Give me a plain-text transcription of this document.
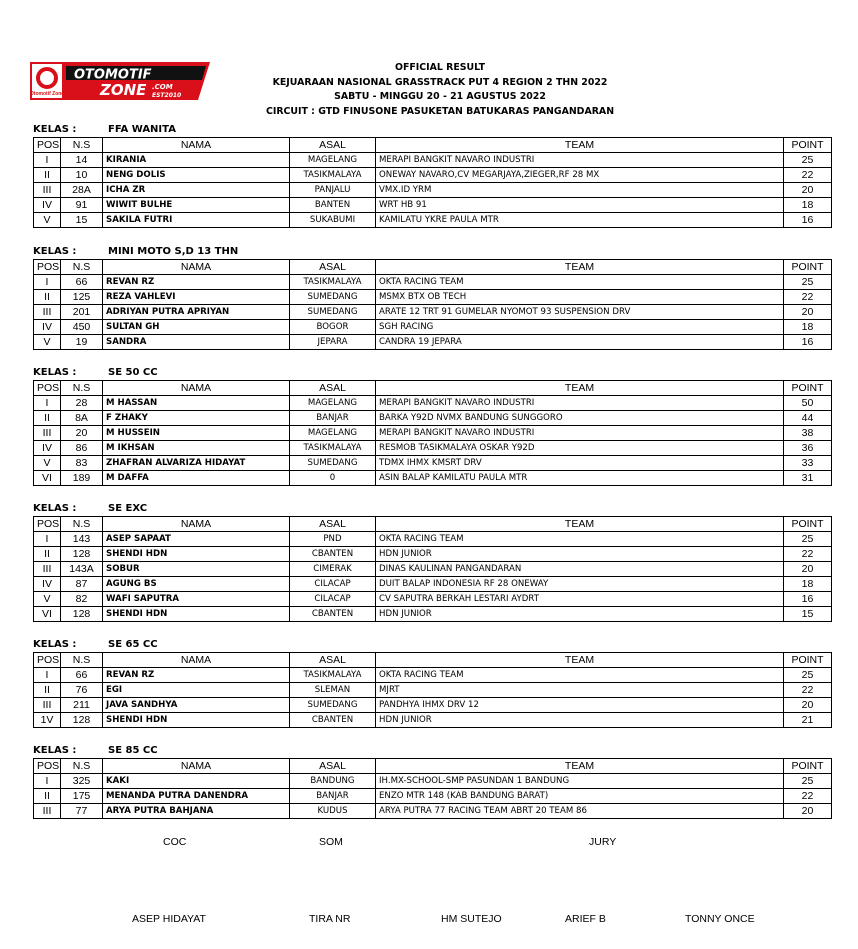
Otomotif Zone
OTOMOTIF
ZONE .COM
EST2010
OFFICIAL RESULT
KEJUARAAN NASIONAL GRASSTRACK PUT 4 REGION 2 THN 2022
SABTU - MINGGU 20 - 21 AGUSTUS 2022
CIRCUIT : GTD FINUSONE PASUKETAN BATUKARAS PANGANDARAN
KELAS :	FFA WANITA
POS	N.S	NAMA	ASAL	TEAM	POINT
I	14	KIRANIA	MAGELANG	MERAPI BANGKIT NAVARO INDUSTRI	25
II	10	NENG DOLIS	TASIKMALAYA	ONEWAY NAVARO,CV MEGARJAYA,ZIEGER,RF 28 MX	22
III	28A	ICHA ZR	PANJALU	VMX.ID YRM	20
IV	91	WIWIT BULHE	BANTEN	WRT HB 91	18
V	15	SAKILA FUTRI	SUKABUMI	KAMILATU YKRE PAULA MTR	16
KELAS :	MINI MOTO S,D 13 THN
POS	N.S	NAMA	ASAL	TEAM	POINT
I	66	REVAN RZ	TASIKMALAYA	OKTA RACING TEAM	25
II	125	REZA VAHLEVI	SUMEDANG	MSMX BTX OB TECH	22
III	201	ADRIYAN PUTRA APRIYAN	SUMEDANG	ARATE 12 TRT 91 GUMELAR NYOMOT 93 SUSPENSION DRV	20
IV	450	SULTAN GH	BOGOR	SGH RACING	18
V	19	SANDRA	JEPARA	CANDRA 19 JEPARA	16
KELAS :	SE 50 CC
POS	N.S	NAMA	ASAL	TEAM	POINT
I	28	M HASSAN	MAGELANG	MERAPI BANGKIT NAVARO INDUSTRI	50
II	8A	F ZHAKY	BANJAR	BARKA Y92D NVMX BANDUNG SUNGGORO	44
III	20	M HUSSEIN	MAGELANG	MERAPI BANGKIT NAVARO INDUSTRI	38
IV	86	M IKHSAN	TASIKMALAYA	RESMOB TASIKMALAYA OSKAR Y92D	36
V	83	ZHAFRAN ALVARIZA HIDAYAT	SUMEDANG	TDMX IHMX KMSRT DRV	33
VI	189	M DAFFA	0	ASIN BALAP KAMILATU PAULA MTR	31
KELAS :	SE EXC
POS	N.S	NAMA	ASAL	TEAM	POINT
I	143	ASEP SAPAAT	PND	OKTA RACING TEAM	25
II	128	SHENDI HDN	CBANTEN	HDN JUNIOR	22
III	143A	SOBUR	CIMERAK	DINAS KAULINAN PANGANDARAN	20
IV	87	AGUNG BS	CILACAP	DUIT BALAP INDONESIA RF 28 ONEWAY	18
V	82	WAFI SAPUTRA	CILACAP	CV SAPUTRA BERKAH LESTARI AYDRT	16
VI	128	SHENDI HDN	CBANTEN	HDN JUNIOR	15
KELAS :	SE 65 CC
POS	N.S	NAMA	ASAL	TEAM	POINT
I	66	REVAN RZ	TASIKMALAYA	OKTA RACING TEAM	25
II	76	EGI	SLEMAN	MJRT	22
III	211	JAVA SANDHYA	SUMEDANG	PANDHYA IHMX DRV 12	20
1V	128	SHENDI HDN	CBANTEN	HDN JUNIOR	21
KELAS :	SE 85 CC
POS	N.S	NAMA	ASAL	TEAM	POINT
I	325	KAKI	BANDUNG	IH.MX-SCHOOL-SMP PASUNDAN 1 BANDUNG	25
II	175	MENANDA PUTRA DANENDRA	BANJAR	ENZO MTR 148 (KAB BANDUNG BARAT)	22
III	77	ARYA PUTRA BAHJANA	KUDUS	ARYA PUTRA 77 RACING TEAM ABRT 20 TEAM 86	20
COC	SOM	JURY
ASEP HIDAYAT	TIRA NR	HM SUTEJO	ARIEF B	TONNY ONCE
